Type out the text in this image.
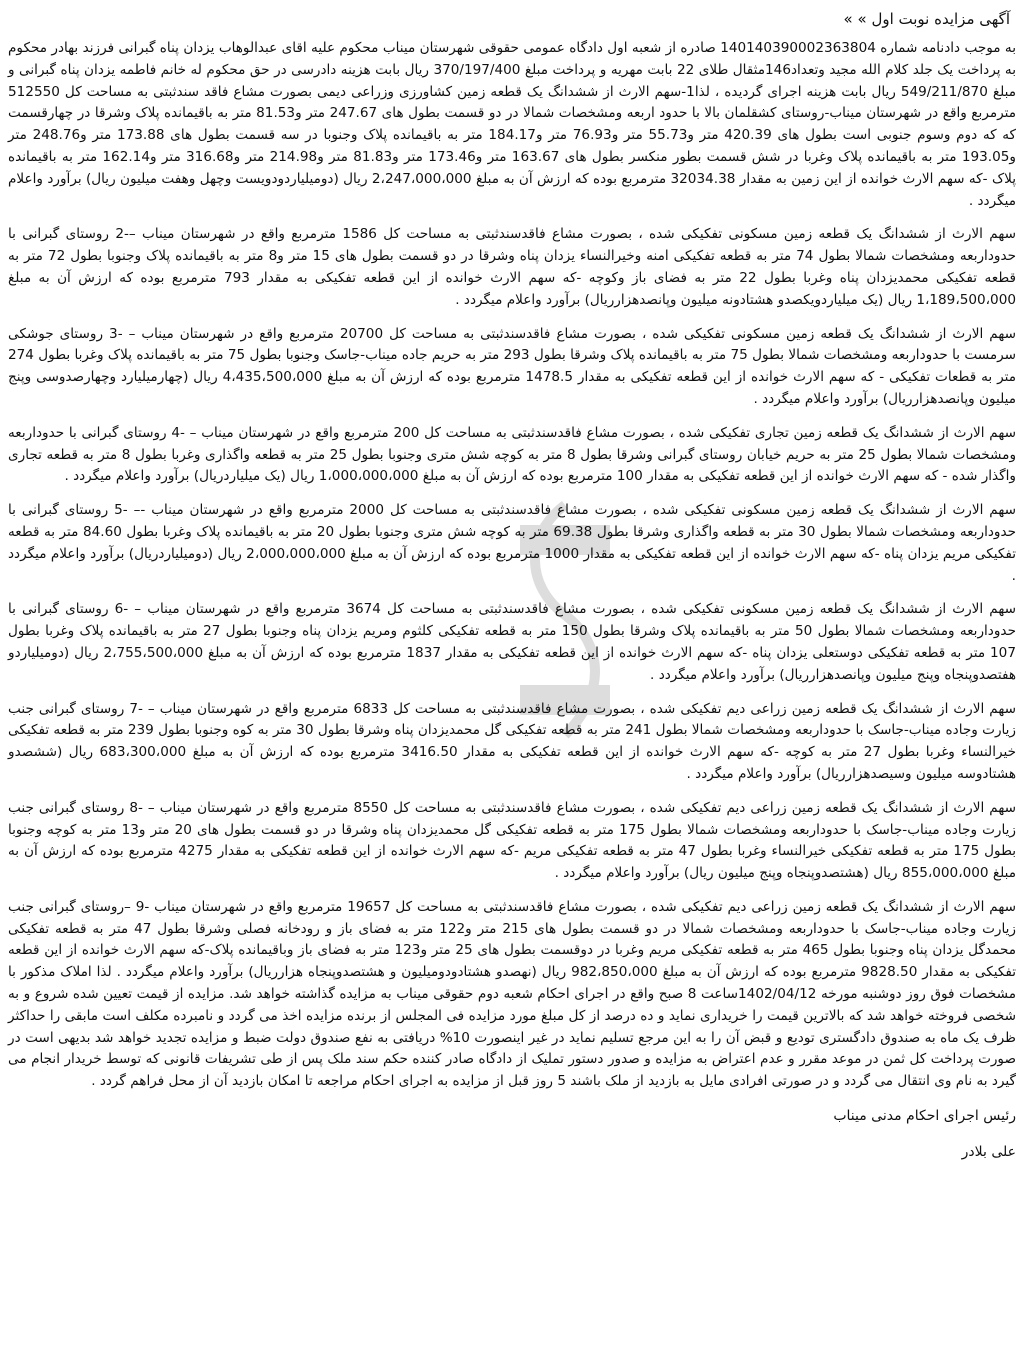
آگهی مزایده نوبت اول » »

به موجب دادنامه شماره 14014039000236380‌4 صادره از شعبه اول دادگاه عمومی حقوقی شهرستان میناب محکوم علیه اقای عبدالوهاب یزدان پناه گبرانی فرزند بهادر محکوم به پرداخت یک جلد کلام الله مجید وتعداد146مثقال طلای 22 بابت مهریه و پرداخت مبلغ 370/197/400 ریال بابت هزینه دادرسی در حق محکوم له خانم فاطمه یزدان پناه گبرانی و مبلغ 549/211/870 ریال بابت هزینه اجرای گردیده ، لذا1-سهم الارث از ششدانگ یک قطعه زمین کشاورزی وزراعی دیمی بصورت مشاع فاقد سندثبتی به مساحت کل 512550 مترمربع واقع در شهرستان میناب-روستای کشقلمان بالا با حدود اربعه ومشخصات شمالا در دو قسمت بطول های 247.67 متر و81.53 متر به باقیمانده پلاک وشرقا در چهارقسمت که که دوم وسوم جنوبی است بطول های 420.39 متر و55.73 متر و76.93 متر و184.17 متر به باقیمانده پلاک وجنوبا در سه قسمت بطول های 173.88 متر و248.76 متر و193.05 متر به باقیمانده پلاک وغربا در شش قسمت بطور منکسر بطول های 163.67 متر و173.46 متر و81.83 متر و214.98 متر و316.68 متر و162.14 متر به باقیمانده پلاک -که سهم الارث خوانده از این زمین به مقدار 32034.38 مترمربع بوده که ارزش آن به مبلغ 2،247،000،000 ریال (دومیلیاردودویست وچهل وهفت میلیون ریال) برآورد واعلام میگردد .

سهم الارث از ششدانگ یک قطعه زمین مسکونی تفکیکی شده ، بصورت مشاع فاقدسندثبتی به مساحت کل 1586 مترمربع واقع در شهرستان میناب –-2 روستای گبرانی با حدوداربعه ومشخصات شمالا بطول 74 متر به قطعه تفکیکی امنه وخیرالنساء یزدان پناه وشرقا در دو قسمت بطول های 15 متر و8 متر به باقیمانده پلاک وجنوبا بطول 72 متر به قطعه تفکیکی محمدیزدان پناه وغربا بطول 22 متر به فضای باز وکوچه -که سهم الارث خوانده از این قطعه تفکیکی به مقدار 793 مترمربع بوده که ارزش آن به مبلغ 1،189،500،000 ریال (یک میلیاردویکصدو هشتادونه میلیون وپانصدهزارریال) برآورد واعلام میگردد .

سهم الارث از ششدانگ یک قطعه زمین مسکونی تفکیکی شده ، بصورت مشاع فاقدسندثبتی به مساحت کل 20700 مترمربع واقع در شهرستان میناب – -3 روستای جوشکی سرمست با حدوداربعه ومشخصات شمالا بطول 75 متر به باقیمانده پلاک وشرقا بطول 293 متر به حریم جاده میناب-جاسک وجنوبا بطول 75 متر به باقیمانده پلاک وغربا بطول 274 متر به قطعات تفکیکی - که سهم الارث خوانده از این قطعه تفکیکی به مقدار 1478.5 مترمربع بوده که ارزش آن به مبلغ 4،435،500،000 ریال (چهارمیلیارد وچهارصدوسی وپنج میلیون وپانصدهزارریال) برآورد واعلام میگردد .

سهم الارث از ششدانگ یک قطعه زمین تجاری تفکیکی شده ، بصورت مشاع فاقدسندثبتی به مساحت کل 200 مترمربع واقع در شهرستان میناب – -4 روستای گبرانی با حدوداربعه ومشخصات شمالا بطول 25 متر به حریم خیابان روستای گبرانی وشرقا بطول 8 متر به کوچه شش متری وجنوبا بطول 25 متر به قطعه واگذاری وغربا بطول 8 متر به قطعه تجاری واگذار شده - که سهم الارث خوانده از این قطعه تفکیکی به مقدار 100 مترمربع بوده که ارزش آن به مبلغ 1،000،000،000 ریال (یک میلیاردریال) برآورد واعلام میگردد .

سهم الارث از ششدانگ یک قطعه زمین مسکونی تفکیکی شده ، بصورت مشاع فاقدسندثبتی به مساحت کل 2000 مترمربع واقع در شهرستان میناب -– -5 روستای گبرانی با حدوداربعه ومشخصات شمالا بطول 30 متر به قطعه واگذاری وشرقا بطول 69.38 متر به کوچه شش متری وجنوبا بطول 20 متر به باقیمانده پلاک وغربا بطول 84.60 متر به قطعه تفکیکی مریم یزدان پناه -که سهم الارث خوانده از این قطعه تفکیکی به مقدار 1000 مترمربع بوده که ارزش آن به مبلغ 2،000،000،000 ریال (دومیلیاردریال) برآورد واعلام میگردد .

سهم الارث از ششدانگ یک قطعه زمین مسکونی تفکیکی شده ، بصورت مشاع فاقدسندثبتی به مساحت کل 3674 مترمربع واقع در شهرستان میناب – -6 روستای گبرانی با حدوداربعه ومشخصات شمالا بطول 50 متر به باقیمانده پلاک وشرقا بطول 150 متر به قطعه تفکیکی کلثوم ومریم یزدان پناه وجنوبا بطول 27 متر به باقیمانده پلاک وغربا بطول 107 متر به قطعه تفکیکی دوستعلی یزدان پناه -که سهم الارث خوانده از این قطعه تفکیکی به مقدار 1837 مترمربع بوده که ارزش آن به مبلغ 2،755،500،000 ریال (دومیلیاردو هفتصدوپنجاه وپنج میلیون وپانصدهزارریال) برآورد واعلام میگردد .

سهم الارث از ششدانگ یک قطعه زمین زراعی دیم تفکیکی شده ، بصورت مشاع فاقدسندثبتی به مساحت کل 6833 مترمربع واقع در شهرستان میناب – -7 روستای گبرانی جنب زیارت وجاده میناب-جاسک با حدوداربعه ومشخصات شمالا بطول 241 متر به قطعه تفکیکی گل محمدیزدان پناه وشرقا بطول 30 متر به کوه وجنوبا بطول 239 متر به قطعه تفکیکی خیرالنساء وغربا بطول 27 متر به کوچه -که سهم الارث خوانده از این قطعه تفکیکی به مقدار 3416.50 مترمربع بوده که ارزش آن به مبلغ 683،300،000 ریال (ششصدو هشتادوسه میلیون وسیصدهزارریال) برآورد واعلام میگردد .

سهم الارث از ششدانگ یک قطعه زمین زراعی دیم تفکیکی شده ، بصورت مشاع فاقدسندثبتی به مساحت کل 8550 مترمربع واقع در شهرستان میناب – -8 روستای گبرانی جنب زیارت وجاده میناب-جاسک با حدوداربعه ومشخصات شمالا بطول 175 متر به قطعه تفکیکی گل محمدیزدان پناه وشرقا در دو قسمت بطول های 20 متر و13 متر به کوچه وجنوبا بطول 175 متر به قطعه تفکیکی خیرالنساء وغربا بطول 47 متر به قطعه تفکیکی مریم -که سهم الارث خوانده از این قطعه تفکیکی به مقدار 4275 مترمربع بوده که ارزش آن به مبلغ 855،000،000 ریال (هشتصدوپنجاه وپنج میلیون ریال) برآورد واعلام میگردد .

سهم الارث از ششدانگ یک قطعه زمین زراعی دیم تفکیکی شده ، بصورت مشاع فاقدسندثبتی به مساحت کل 19657 مترمربع واقع در شهرستان میناب -9 –روستای گبرانی جنب زیارت وجاده میناب-جاسک با حدوداربعه ومشخصات شمالا در دو قسمت بطول های 215 متر و122 متر به فضای باز و رودخانه فصلی وشرقا بطول 47 متر به قطعه تفکیکی محمدگل یزدان پناه وجنوبا بطول 465 متر به قطعه تفکیکی مریم وغربا در دوقسمت بطول های 25 متر و123 متر به فضای باز وباقیمانده پلاک-که سهم الارث خوانده از این قطعه تفکیکی به مقدار 9828.50 مترمربع بوده که ارزش آن به مبلغ 982،850،000 ریال (نهصدو هشتادودومیلیون و هشتصدوپنجاه هزارریال) برآورد واعلام میگردد . لذا املاک مذکور با مشخصات فوق روز دوشنبه مورخه 1402/04/12ساعت 8 صبح واقع در اجرای احکام شعبه دوم حقوقی میناب به مزایده گذاشته خواهد شد. مزایده از قیمت تعیین شده شروع و به شخصی فروخته خواهد شد که بالاترین قیمت را خریداری نماید و ده درصد از کل مبلغ مورد مزایده فی المجلس از برنده مزایده اخذ می گردد و نامبرده مکلف است مابقی را حداکثر ظرف یک ماه به صندوق دادگستری تودیع و قبض آن را به این مرجع تسلیم نماید در غیر اینصورت 10% دریافتی به نفع صندوق دولت ضبط و مزایده تجدید خواهد شد بدیهی است در صورت پرداخت کل ثمن در موعد مقرر و عدم اعتراض به مزایده و صدور دستور تملیک از دادگاه صادر کننده حکم سند ملک پس از طی تشریفات قانونی که توسط خریدار انجام می گیرد به نام وی انتقال می گردد و در صورتی افرادی مایل به بازدید از ملک باشند 5 روز قبل از مزایده به اجرای احکام مراجعه تا امکان بازدید آن از محل فراهم گردد .

رئیس اجرای احکام مدنی میناب
علی بلادر
